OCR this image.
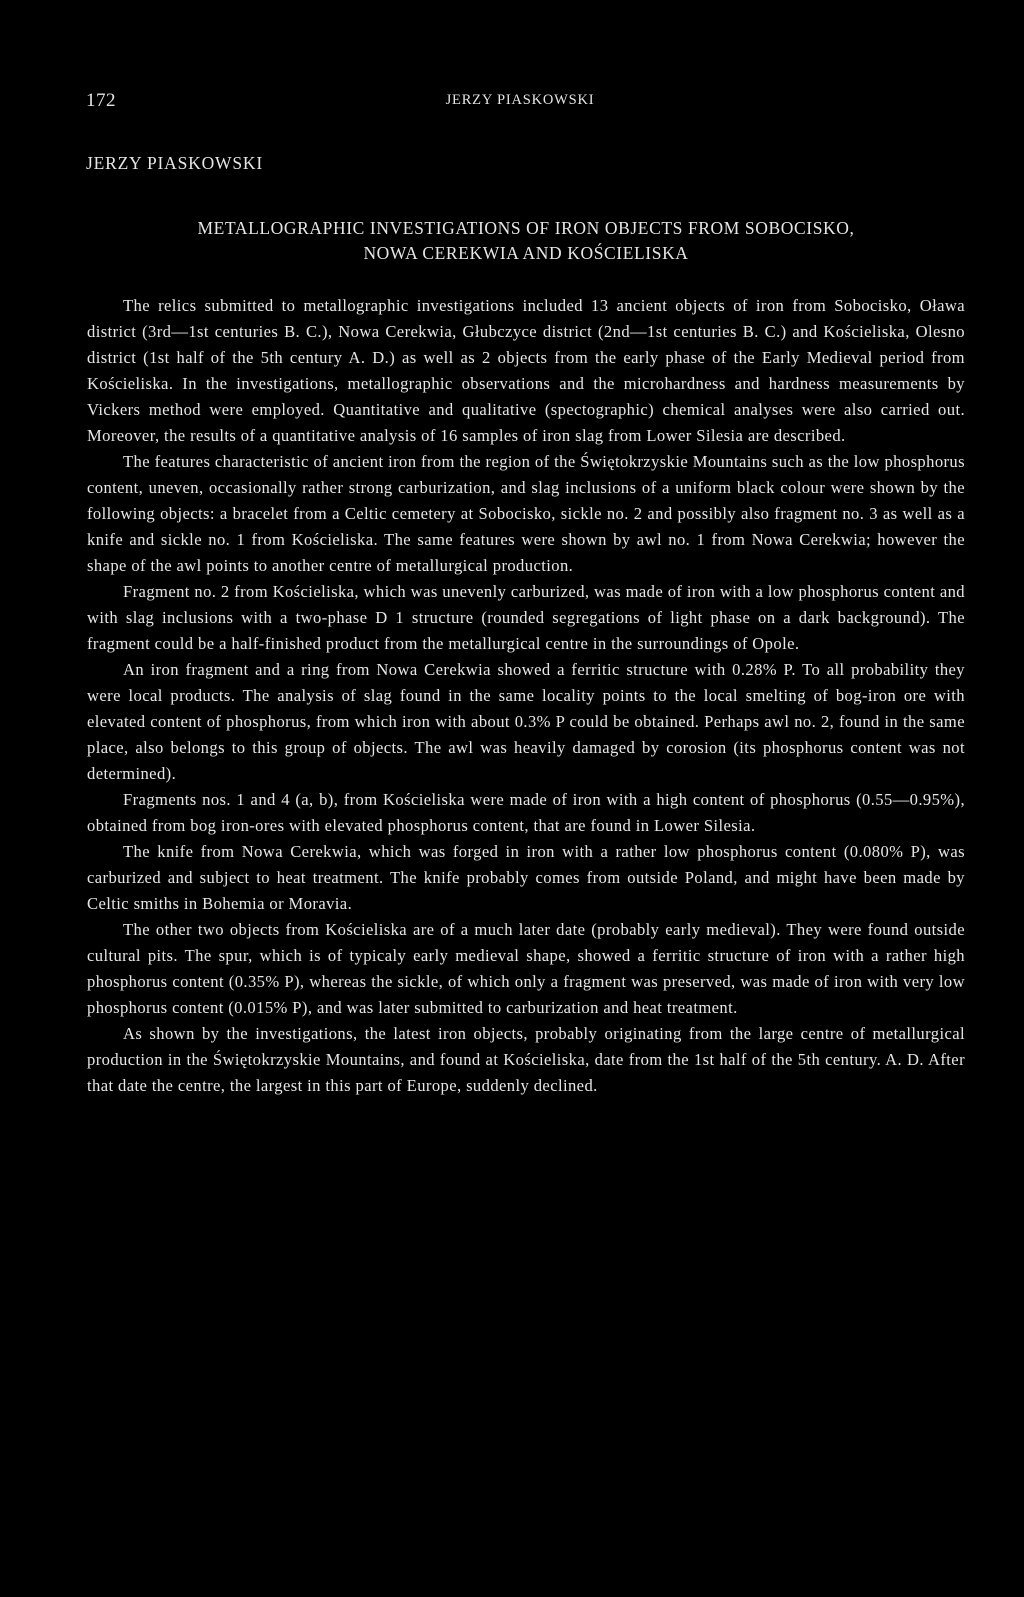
172	JERZY PIASKOWSKI
JERZY PIASKOWSKI
METALLOGRAPHIC INVESTIGATIONS OF IRON OBJECTS FROM SOBOCISKO,
NOWA CEREKWIA AND KOŚCIELISKA

The relics submitted to metallographic investigations included 13 ancient objects of iron from Sobocisko, Oława district (3rd—1st centuries B. C.), Nowa Cerekwia, Głubczyce district (2nd—1st centuries B. C.) and Kościeliska, Olesno district (1st half of the 5th century A. D.) as well as 2 objects from the early phase of the Early Medieval period from Kościeliska. In the investigations, metallographic observations and the microhardness and hardness measurements by Vickers method were employed. Quantitative and qualitative (spectographic) chemical analyses were also carried out. Moreover, the results of a quantitative analysis of 16 samples of iron slag from Lower Silesia are described.

The features characteristic of ancient iron from the region of the Świętokrzyskie Mountains such as the low phosphorus content, uneven, occasionally rather strong carburization, and slag inclusions of a uniform black colour were shown by the following objects: a bracelet from a Celtic cemetery at Sobocisko, sickle no. 2 and possibly also fragment no. 3 as well as a knife and sickle no. 1 from Kościeliska. The same features were shown by awl no. 1 from Nowa Cerekwia; however the shape of the awl points to another centre of metallurgical production.

Fragment no. 2 from Kościeliska, which was unevenly carburized, was made of iron with a low phosphorus content and with slag inclusions with a two-phase D 1 structure (rounded segregations of light phase on a dark background). The fragment could be a half-finished product from the metallurgical centre in the surroundings of Opole.

An iron fragment and a ring from Nowa Cerekwia showed a ferritic structure with 0.28% P. To all probability they were local products. The analysis of slag found in the same locality points to the local smelting of bog-iron ore with elevated content of phosphorus, from which iron with about 0.3% P could be obtained. Perhaps awl no. 2, found in the same place, also belongs to this group of objects. The awl was heavily damaged by corosion (its phosphorus content was not determined).

Fragments nos. 1 and 4 (a, b), from Kościeliska were made of iron with a high content of phosphorus (0.55—0.95%), obtained from bog iron-ores with elevated phosphorus content, that are found in Lower Silesia.

The knife from Nowa Cerekwia, which was forged in iron with a rather low phosphorus content (0.080% P), was carburized and subject to heat treatment. The knife probably comes from outside Poland, and might have been made by Celtic smiths in Bohemia or Moravia.

The other two objects from Kościeliska are of a much later date (probably early medieval). They were found outside cultural pits. The spur, which is of typicaly early medieval shape, showed a ferritic structure of iron with a rather high phosphorus content (0.35% P), whereas the sickle, of which only a fragment was preserved, was made of iron with very low phosphorus content (0.015% P), and was later submitted to carburization and heat treatment.

As shown by the investigations, the latest iron objects, probably originating from the large centre of metallurgical production in the Świętokrzyskie Mountains, and found at Kościeliska, date from the 1st half of the 5th century. A. D. After that date the centre, the largest in this part of Europe, suddenly declined.
